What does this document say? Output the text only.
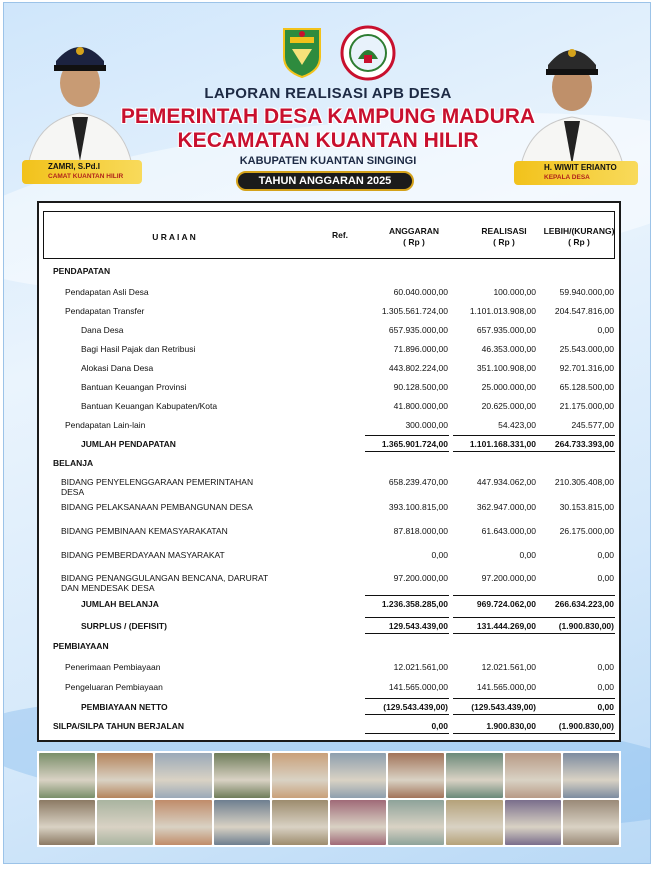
LAPORAN REALISASI APB DESA
PEMERINTAH DESA KAMPUNG MADURA
KECAMATAN KUANTAN HILIR
KABUPATEN KUANTAN SINGINGI
TAHUN ANGGARAN 2025
ZAMRI, S.Pd.I
CAMAT KUANTAN HILIR
H. WIWIT ERIANTO
KEPALA DESA
U R A I A N	Ref.	ANGGARAN
( Rp )
REALISASI
( Rp )
LEBIH/(KURANG)
( Rp )
PENDAPATAN
Pendapatan Asli Desa	60.040.000,00	100.000,00	59.940.000,00
Pendapatan Transfer	1.305.561.724,00	1.101.013.908,00	204.547.816,00
Dana Desa	657.935.000,00	657.935.000,00	0,00
Bagi Hasil Pajak dan Retribusi	71.896.000,00	46.353.000,00	25.543.000,00
Alokasi Dana Desa	443.802.224,00	351.100.908,00	92.701.316,00
Bantuan Keuangan Provinsi	90.128.500,00	25.000.000,00	65.128.500,00
Bantuan Keuangan Kabupaten/Kota	41.800.000,00	20.625.000,00	21.175.000,00
Pendapatan Lain-lain	300.000,00	54.423,00	245.577,00
JUMLAH PENDAPATAN	1.365.901.724,00	1.101.168.331,00	264.733.393,00
BELANJA
BIDANG PENYELENGGARAAN PEMERINTAHAN DESA
658.239.470,00	447.934.062,00	210.305.408,00
BIDANG PELAKSANAAN PEMBANGUNAN DESA	393.100.815,00	362.947.000,00	30.153.815,00
BIDANG PEMBINAAN KEMASYARAKATAN	87.818.000,00	61.643.000,00	26.175.000,00
BIDANG PEMBERDAYAAN MASYARAKAT	0,00	0,00	0,00
BIDANG PENANGGULANGAN BENCANA, DARURAT DAN MENDESAK DESA
97.200.000,00	97.200.000,00	0,00
JUMLAH BELANJA	1.236.358.285,00	969.724.062,00	266.634.223,00
SURPLUS / (DEFISIT)	129.543.439,00	131.444.269,00	(1.900.830,00)
PEMBIAYAAN
Penerimaan Pembiayaan	12.021.561,00	12.021.561,00	0,00
Pengeluaran Pembiayaan	141.565.000,00	141.565.000,00	0,00
PEMBIAYAAN NETTO	(129.543.439,00)	(129.543.439,00)	0,00
SILPA/SILPA TAHUN BERJALAN	0,00	1.900.830,00	(1.900.830,00)
